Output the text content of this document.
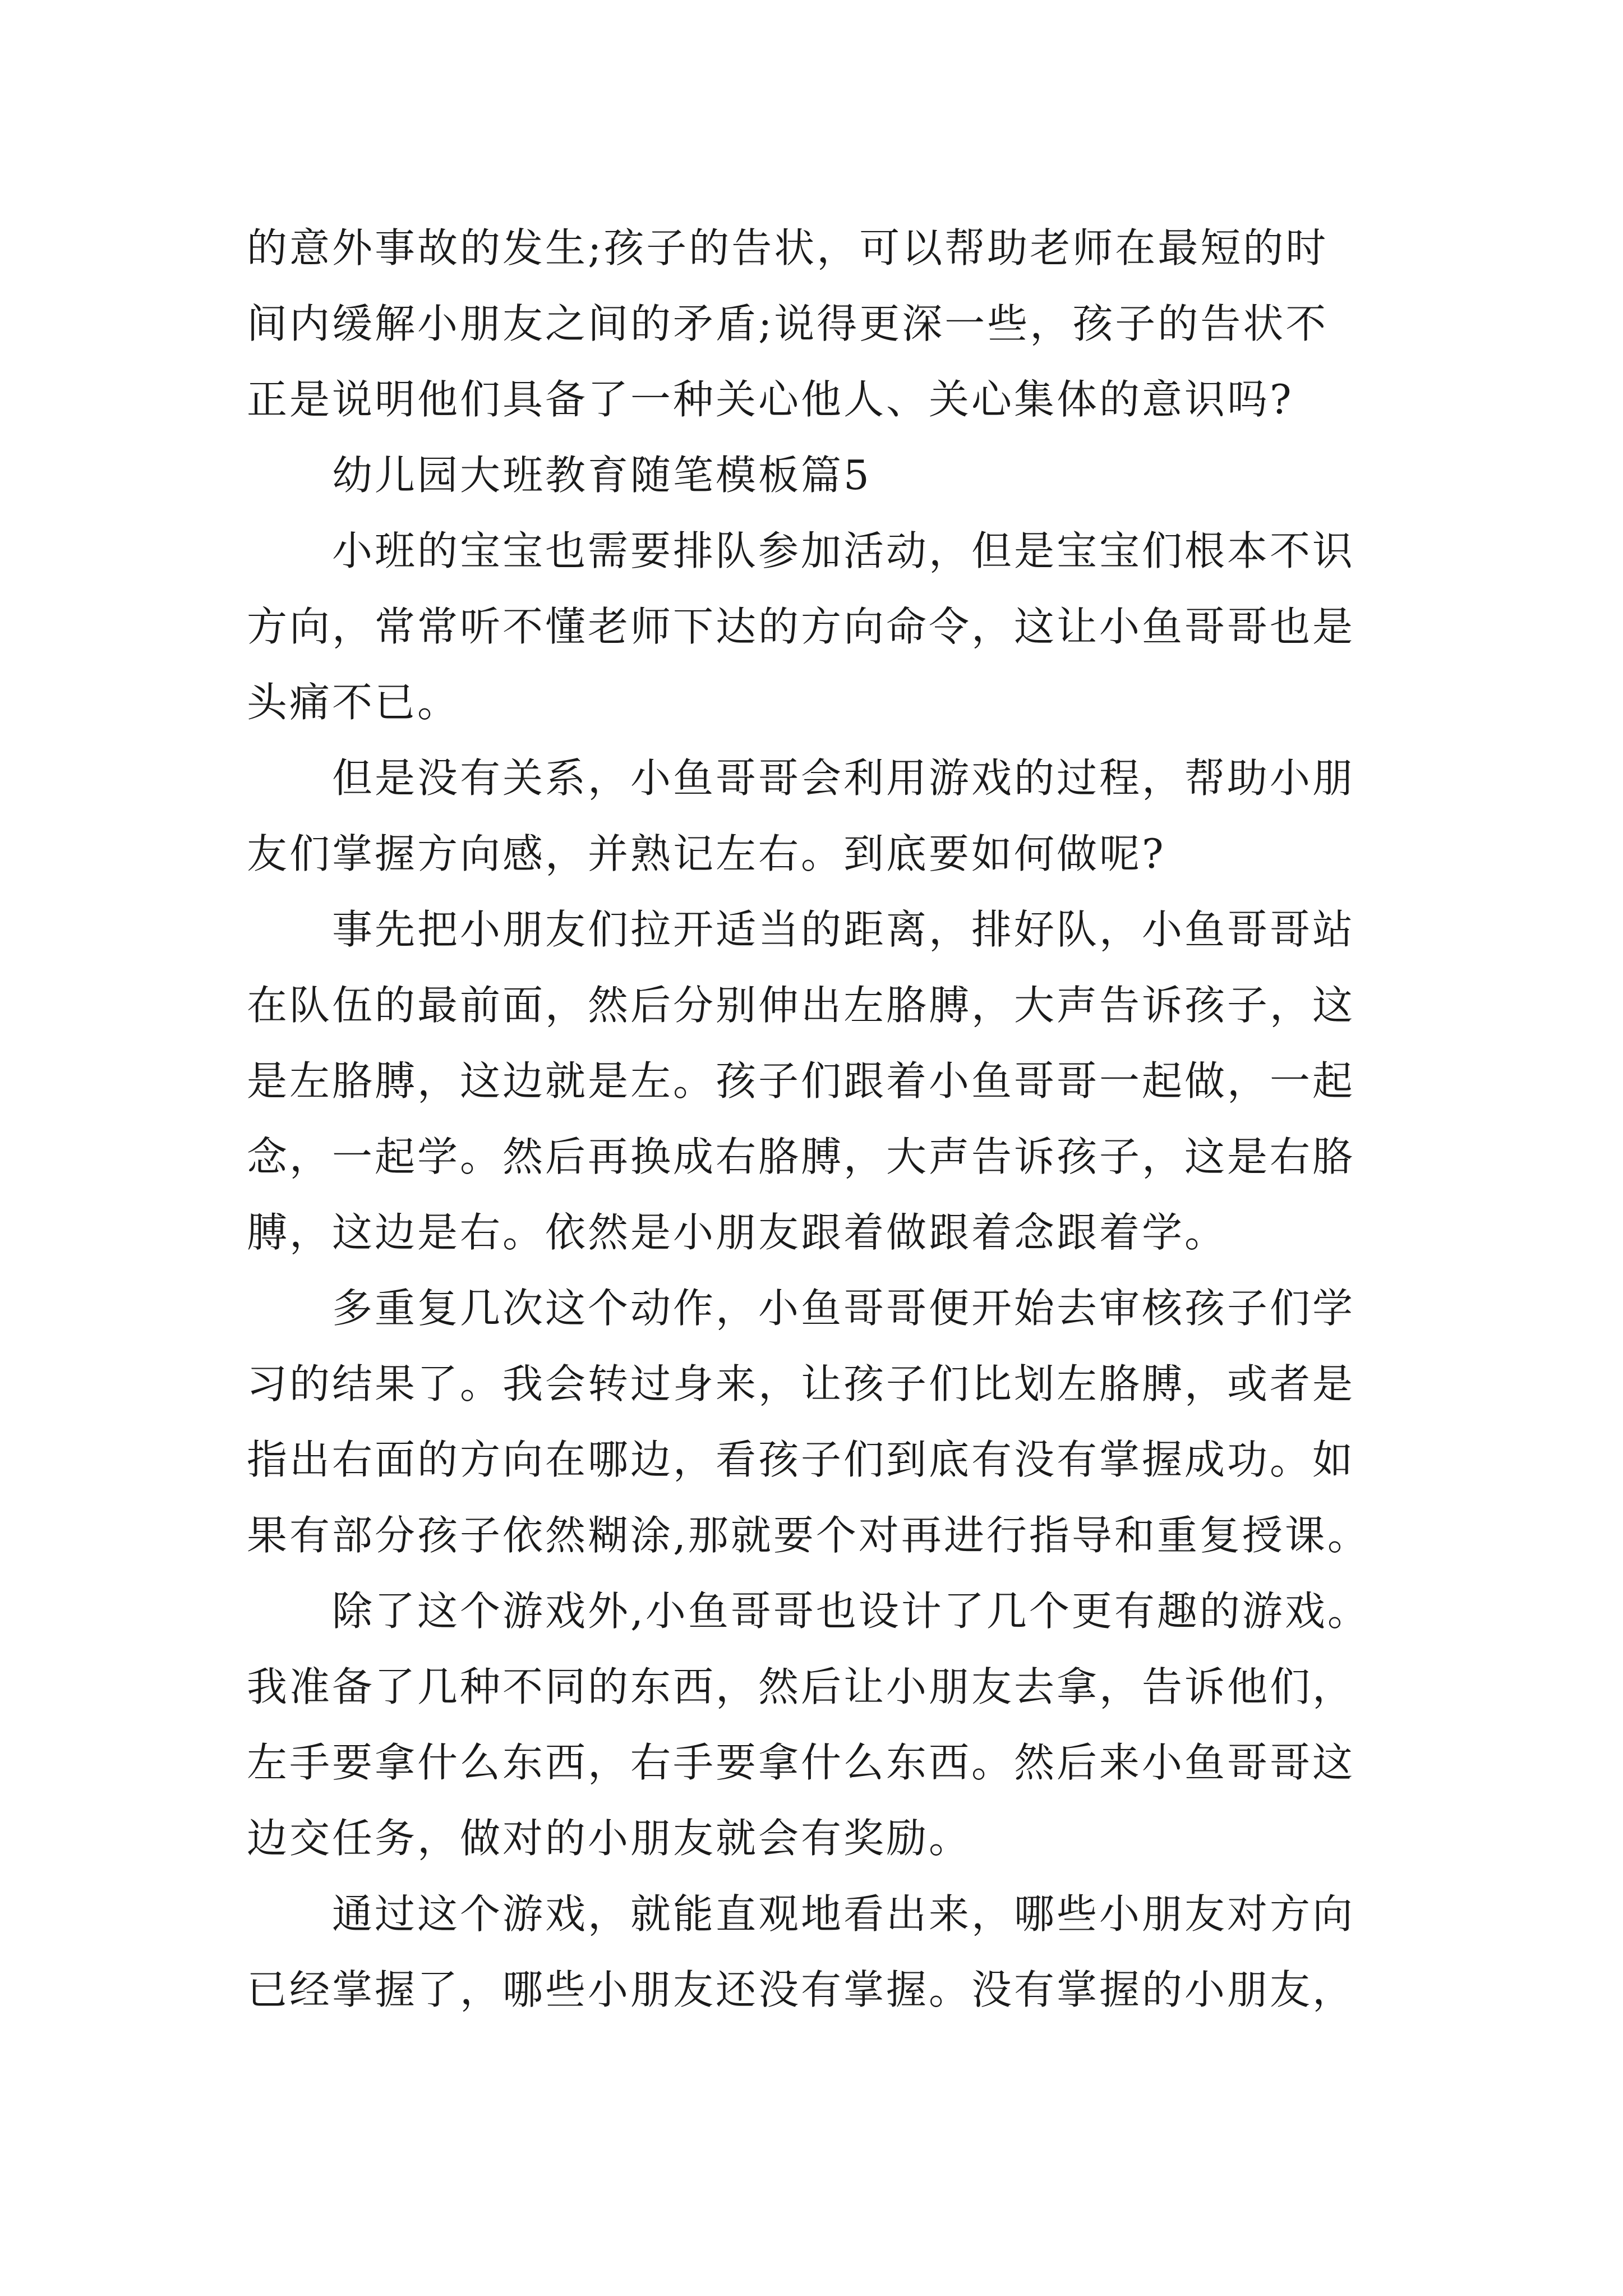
的意外事故的发生;孩子的告状，可以帮助老师在最短的时
间内缓解小朋友之间的矛盾;说得更深一些，孩子的告状不
正是说明他们具备了一种关心他人、关心集体的意识吗?
　　幼儿园大班教育随笔模板篇5
　　小班的宝宝也需要排队参加活动，但是宝宝们根本不识
方向，常常听不懂老师下达的方向命令，这让小鱼哥哥也是
头痛不已。
　　但是没有关系，小鱼哥哥会利用游戏的过程，帮助小朋
友们掌握方向感，并熟记左右。到底要如何做呢?
　　事先把小朋友们拉开适当的距离，排好队，小鱼哥哥站
在队伍的最前面，然后分别伸出左胳膊，大声告诉孩子，这
是左胳膊，这边就是左。孩子们跟着小鱼哥哥一起做，一起
念，一起学。然后再换成右胳膊，大声告诉孩子，这是右胳
膊，这边是右。依然是小朋友跟着做跟着念跟着学。
　　多重复几次这个动作，小鱼哥哥便开始去审核孩子们学
习的结果了。我会转过身来，让孩子们比划左胳膊，或者是
指出右面的方向在哪边，看孩子们到底有没有掌握成功。如
果有部分孩子依然糊涂,那就要个对再进行指导和重复授课。
　　除了这个游戏外,小鱼哥哥也设计了几个更有趣的游戏。
我准备了几种不同的东西，然后让小朋友去拿，告诉他们，
左手要拿什么东西，右手要拿什么东西。然后来小鱼哥哥这
边交任务，做对的小朋友就会有奖励。
　　通过这个游戏，就能直观地看出来，哪些小朋友对方向
已经掌握了，哪些小朋友还没有掌握。没有掌握的小朋友，
